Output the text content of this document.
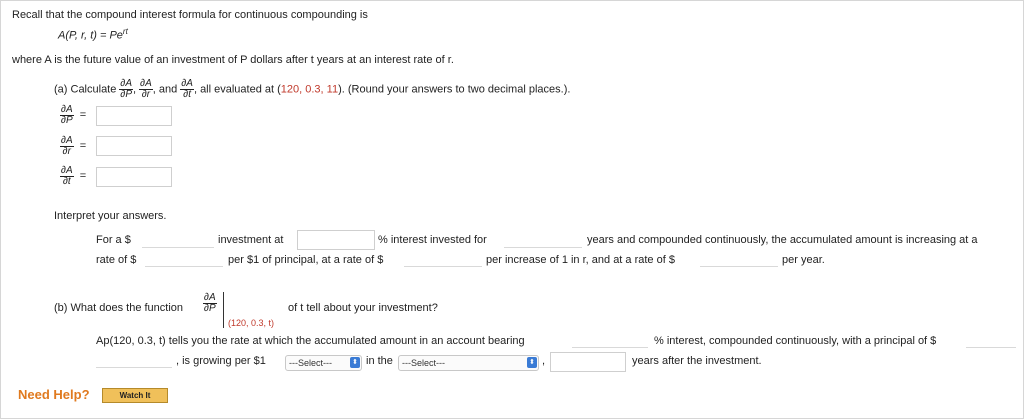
Recall that the compound interest formula for continuous compounding is
A(P, r, $t) = Pe^{rt}$
where A is the future value of an investment of P dollars after t years at an interest rate of r.
(a) Calculate $\frac{\partial A}{\partial P}$ , $\frac{\partial A}{\partial r}$ , and $\frac{\partial A}{\partial t}$ , all evaluated at (120, 0.3, 11). (Round your answers to two decimal places.).
$\frac{\partial A}{\partial P}$ =
$\frac{\partial A}{\partial r}$ =
$\frac{\partial A}{\partial t}$ =
Interpret your answers.
For a $	investment at	% interest invested for	years and compounded continuously, the accumulated amount is increasing at a
rate of $	per $1 of principal, at a rate of $	per increase of 1 in r, and at a rate of $	per year.
(b) What does the function $\frac{\partial A}{\partial P}$
(120, 0.3, t)
of t tell about your investment?
Ap(120, 0.3, t) tells you the rate at which the accumulated amount in an account bearing	% interest, compounded continuously, with a principal of $
, is growing per $1	---Select---	⬍ in the	---Select---	⬍ ,	years after the investment.
Need Help?	Watch It
